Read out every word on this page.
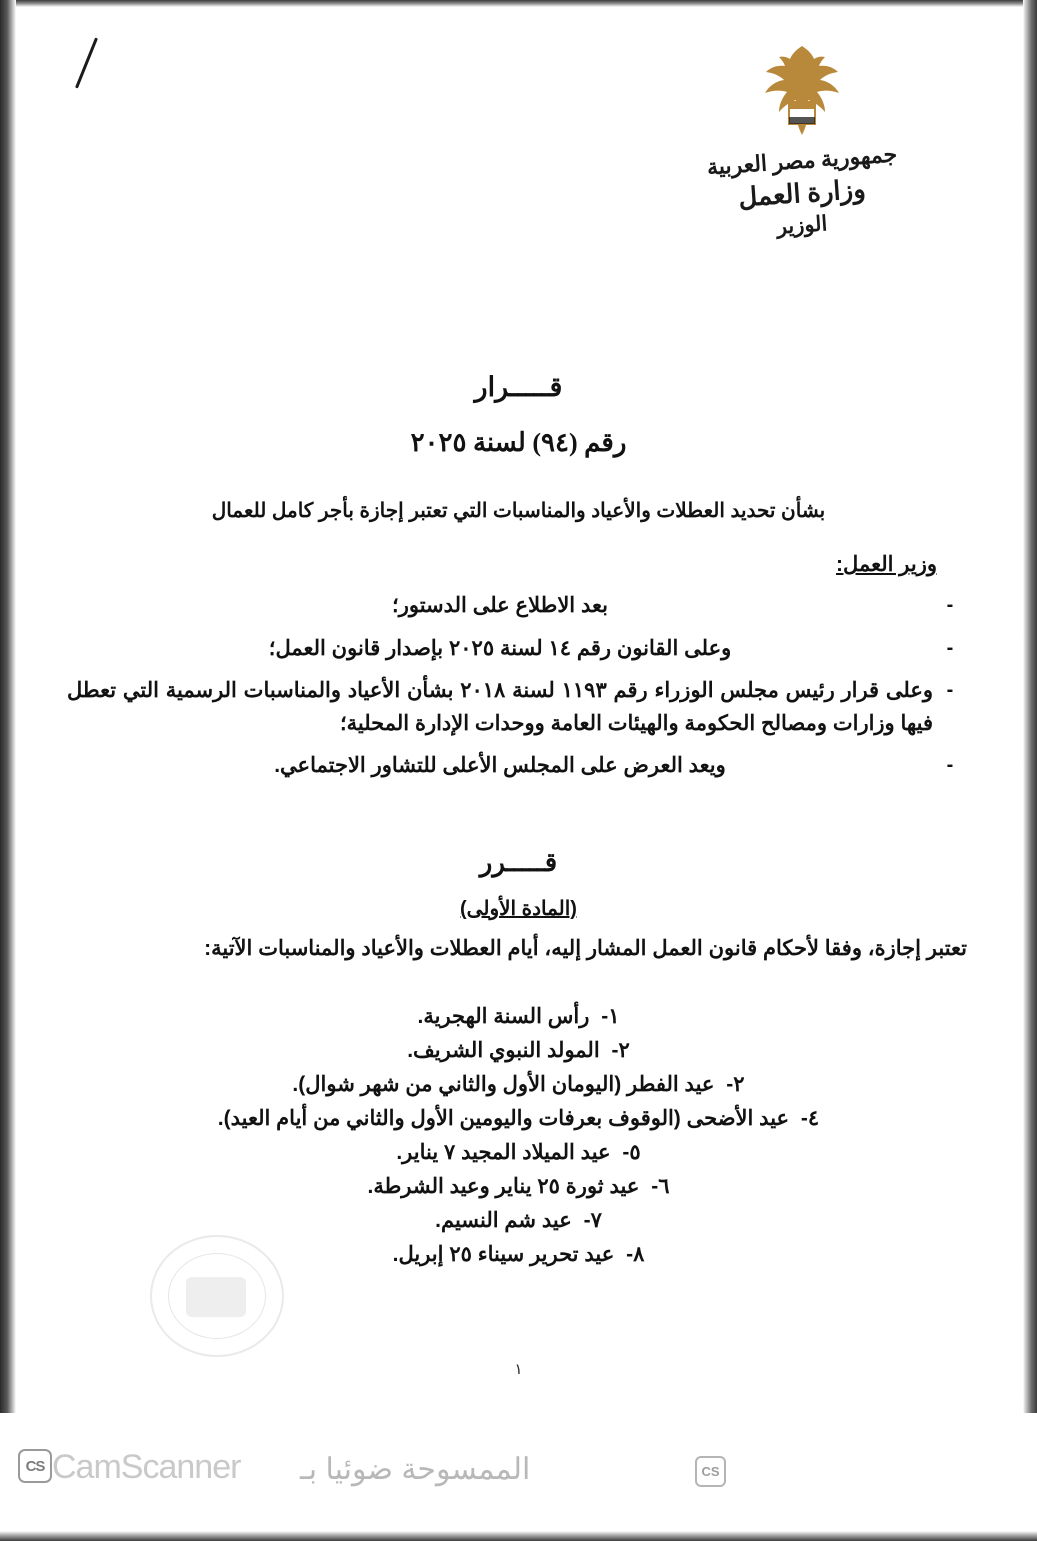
جمهورية مصر العربية
وزارة العمل
الوزير
قـــــرار
رقم (٩٤) لسنة ٢٠٢٥
بشأن تحديد العطلات والأعياد والمناسبات التي تعتبر إجازة بأجر كامل للعمال
وزير العمل:
-
بعد الاطلاع على الدستور؛
-
وعلى القانون رقم ١٤ لسنة ٢٠٢٥ بإصدار قانون العمل؛
-
وعلى قرار رئيس مجلس الوزراء رقم ١١٩٣ لسنة ٢٠١٨ بشأن الأعياد والمناسبات الرسمية التي تعطل فيها وزارات ومصالح الحكومة والهيئات العامة ووحدات الإدارة المحلية؛
-
ويعد العرض على المجلس الأعلى للتشاور الاجتماعي.
قـــــرر
(المادة الأولى)
تعتبر إجازة، وفقا لأحكام قانون العمل المشار إليه، أيام العطلات والأعياد والمناسبات الآتية:
١- رأس السنة الهجرية.
٢- المولد النبوي الشريف.
٢- عيد الفطر (اليومان الأول والثاني من شهر شوال).
٤- عيد الأضحى (الوقوف بعرفات واليومين الأول والثاني من أيام العيد).
٥- عيد الميلاد المجيد ٧ يناير.
٦- عيد ثورة ٢٥ يناير وعيد الشرطة.
٧- عيد شم النسيم.
٨- عيد تحرير سيناء ٢٥ إبريل.
١
CS CamScanner الممسوحة ضوئيا بـ	CS
